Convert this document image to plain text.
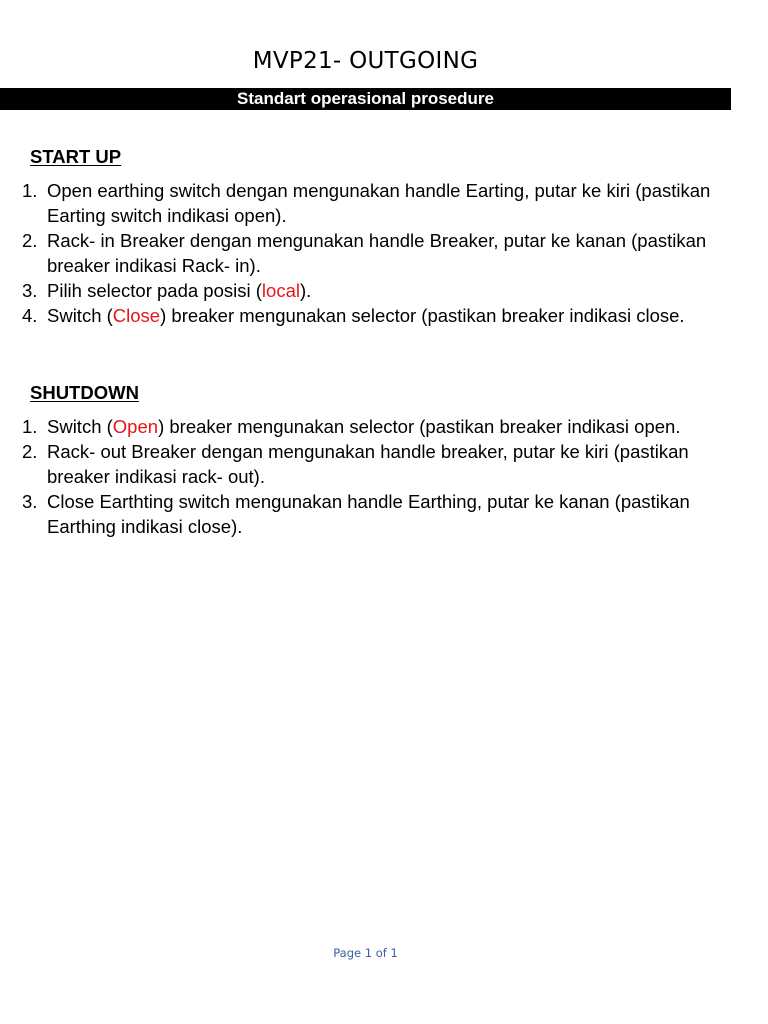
MVP21- OUTGOING
Standart operasional prosedure
START UP
1. Open earthing switch dengan mengunakan handle Earting, putar ke kiri (pastikan Earting switch indikasi open).
2. Rack- in Breaker dengan mengunakan handle Breaker, putar ke kanan (pastikan breaker indikasi Rack- in).
3. Pilih selector pada posisi (local).
4. Switch (Close) breaker mengunakan selector (pastikan breaker indikasi close.
SHUTDOWN
1. Switch (Open) breaker mengunakan selector (pastikan breaker indikasi open.
2. Rack- out Breaker dengan mengunakan handle breaker, putar ke kiri (pastikan breaker indikasi rack- out).
3. Close Earthting switch mengunakan handle Earthing, putar ke kanan (pastikan Earthing indikasi close).
Page 1 of 1
